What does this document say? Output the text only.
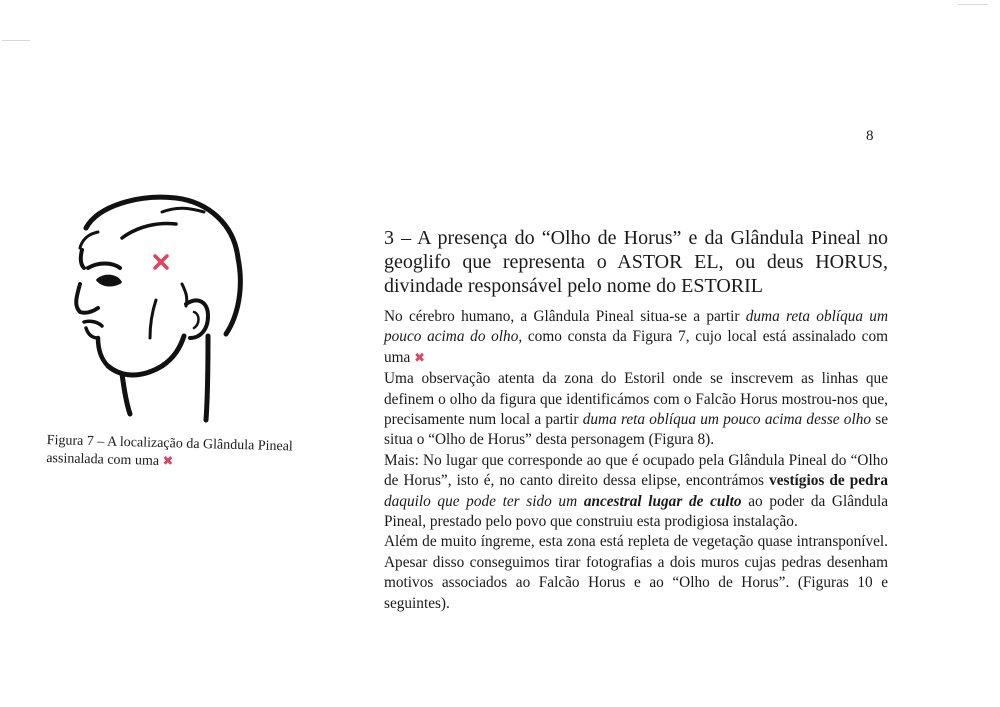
8
Figura 7 – A localização da Glândula Pineal assinalada com uma ✖
3 – A presença do “Olho de Horus” e da Glândula Pineal no geoglifo que representa o ASTOR EL, ou deus HORUS, divindade responsável pelo nome do ESTORIL

No cérebro humano, a Glândula Pineal situa-se a partir duma reta oblíqua um pouco acima do olho, como consta da Figura 7, cujo local está assinalado com uma ✖

Uma observação atenta da zona do Estoril onde se inscrevem as linhas que definem o olho da figura que identificámos com o Falcão Horus mostrou-nos que, precisamente num local a partir duma reta oblíqua um pouco acima desse olho se situa o “Olho de Horus” desta personagem (Figura 8).

Mais: No lugar que corresponde ao que é ocupado pela Glândula Pineal do “Olho de Horus”, isto é, no canto direito dessa elipse, encontrámos vestígios de pedra daquilo que pode ter sido um ancestral lugar de culto ao poder da Glândula Pineal, prestado pelo povo que construiu esta prodigiosa instalação.

Além de muito íngreme, esta zona está repleta de vegetação quase intransponível. Apesar disso conseguimos tirar fotografias a dois muros cujas pedras desenham motivos associados ao Falcão Horus e ao “Olho de Horus”. (Figuras 10 e seguintes).
